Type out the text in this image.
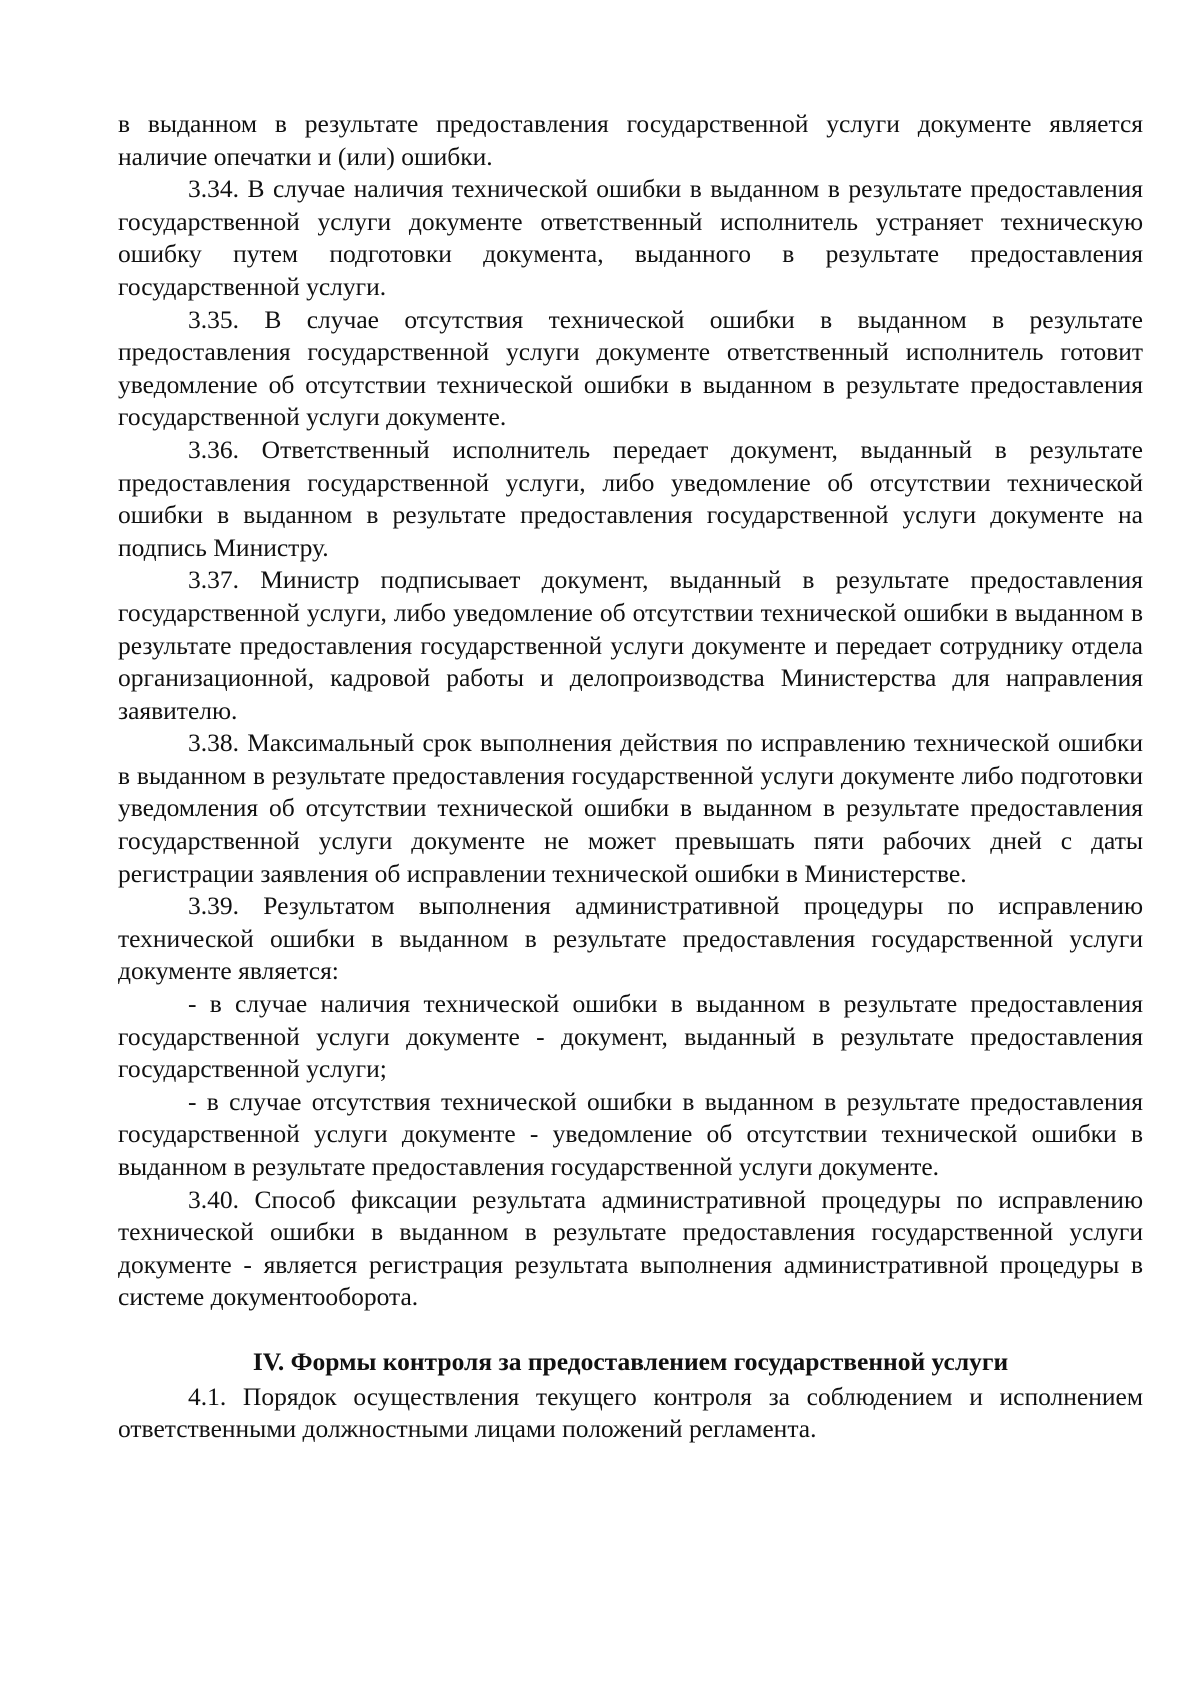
в выданном в результате предоставления государственной услуги документе является наличие опечатки и (или) ошибки.

3.34. В случае наличия технической ошибки в выданном в результате предоставления государственной услуги документе ответственный исполнитель устраняет техническую ошибку путем подготовки документа, выданного в результате предоставления государственной услуги.

3.35. В случае отсутствия технической ошибки в выданном в результате предоставления государственной услуги документе ответственный исполнитель готовит уведомление об отсутствии технической ошибки в выданном в результате предоставления государственной услуги документе.

3.36. Ответственный исполнитель передает документ, выданный в результате предоставления государственной услуги, либо уведомление об отсутствии технической ошибки в выданном в результате предоставления государственной услуги документе на подпись Министру.

3.37. Министр подписывает документ, выданный в результате предоставления государственной услуги, либо уведомление об отсутствии технической ошибки в выданном в результате предоставления государственной услуги документе и передает сотруднику отдела организационной, кадровой работы и делопроизводства Министерства для направления заявителю.

3.38. Максимальный срок выполнения действия по исправлению технической ошибки в выданном в результате предоставления государственной услуги документе либо подготовки уведомления об отсутствии технической ошибки в выданном в результате предоставления государственной услуги документе не может превышать пяти рабочих дней с даты регистрации заявления об исправлении технической ошибки в Министерстве.

3.39. Результатом выполнения административной процедуры по исправлению технической ошибки в выданном в результате предоставления государственной услуги документе является:

- в случае наличия технической ошибки в выданном в результате предоставления государственной услуги документе - документ, выданный в результате предоставления государственной услуги;

- в случае отсутствия технической ошибки в выданном в результате предоставления государственной услуги документе - уведомление об отсутствии технической ошибки в выданном в результате предоставления государственной услуги документе.

3.40. Способ фиксации результата административной процедуры по исправлению технической ошибки в выданном в результате предоставления государственной услуги документе - является регистрация результата выполнения административной процедуры в системе документооборота.

IV. Формы контроля за предоставлением государственной услуги

4.1. Порядок осуществления текущего контроля за соблюдением и исполнением ответственными должностными лицами положений регламента.
